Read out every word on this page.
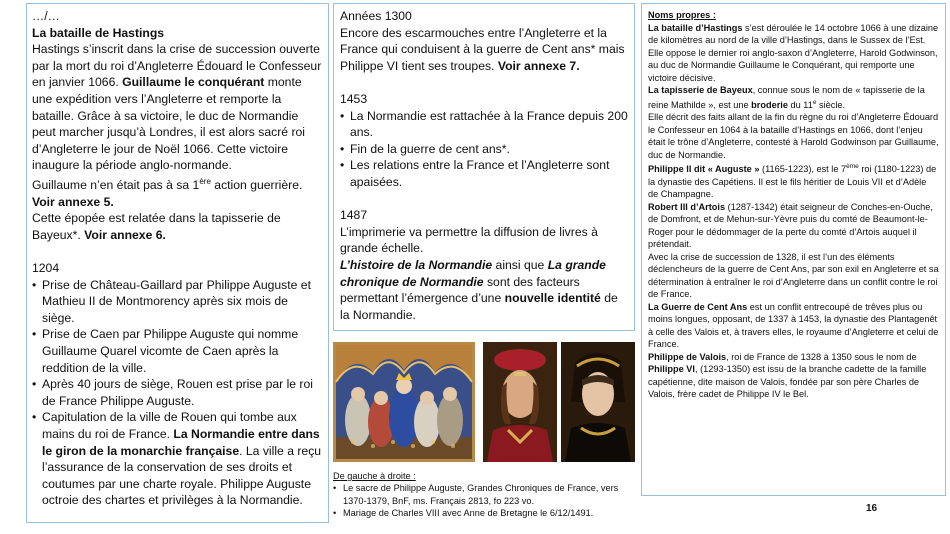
…/…

La bataille de Hastings

Hastings s’inscrit dans la crise de succession ouverte par la mort du roi d’Angleterre Édouard le Confesseur en janvier 1066. Guillaume le conquérant monte une expédition vers l’Angleterre et remporte la bataille. Grâce à sa victoire, le duc de Normandie peut marcher jusqu’à Londres, il est alors sacré roi d’Angleterre le jour de Noël 1066. Cette victoire inaugure la période anglo-normande.

Guillaume n’en était pas à sa 1ère action guerrière. Voir annexe 5.

Cette épopée est relatée dans la tapisserie de Bayeux*. Voir annexe 6.

1204

• Prise de Château-Gaillard par Philippe Auguste et Mathieu II de Montmorency après six mois de siège.

• Prise de Caen par Philippe Auguste qui nomme Guillaume Quarel vicomte de Caen après la reddition de la ville.

• Après 40 jours de siège, Rouen est prise par le roi de France Philippe Auguste.

• Capitulation de la ville de Rouen qui tombe aux mains du roi de France. La Normandie entre dans le giron de la monarchie française. La ville a reçu l’assurance de la conservation de ses droits et coutumes par une charte royale. Philippe Auguste octroie des chartes et privilèges à la Normandie.

Années 1300

Encore des escarmouches entre l’Angleterre et la France qui conduisent à la guerre de Cent ans* mais Philippe VI tient ses troupes. Voir annexe 7.

1453

• La Normandie est rattachée à la France depuis 200 ans.

• Fin de la guerre de cent ans*.

• Les relations entre la France et l’Angleterre sont apaisées.

1487

L’imprimerie va permettre la diffusion de livres à grande échelle.

L’histoire de la Normandie ainsi que La grande chronique de Normandie sont des facteurs permettant l’émergence d’une nouvelle identité de la Normandie.

De gauche à droite :

• Le sacre de Philippe Auguste, Grandes Chroniques de France, vers 1370-1379, BnF, ms. Français 2813, fo 223 vo.

• Mariage de Charles VIII avec Anne de Bretagne le 6/12/1491.

Noms propres :

La bataille d’Hastings s’est déroulée le 14 octobre 1066 à une dizaine de kilomètres au nord de la ville d’Hastings, dans le Sussex de l’Est. Elle oppose le dernier roi anglo-saxon d’Angleterre, Harold Godwinson, au duc de Normandie Guillaume le Conquérant, qui remporte une victoire décisive.

La tapisserie de Bayeux, connue sous le nom de « tapisserie de la reine Mathilde », est une broderie du 11e siècle.

Elle décrit des faits allant de la fin du règne du roi d’Angleterre Édouard le Confesseur en 1064 à la bataille d’Hastings en 1066, dont l’enjeu était le trône d’Angleterre, contesté à Harold Godwinson par Guillaume, duc de Normandie.

Philippe II dit « Auguste » (1165-1223), est le 7ème roi (1180-1223) de la dynastie des Capétiens. Il est le fils héritier de Louis VII et d’Adèle de Champagne.

Robert III d’Artois (1287-1342) était seigneur de Conches-en-Ouche, de Domfront, et de Mehun-sur-Yèvre puis du comté de Beaumont-le-Roger pour le dédommager de la perte du comté d’Artois auquel il prétendait.

Avec la crise de succession de 1328, il est l’un des éléments déclencheurs de la guerre de Cent Ans, par son exil en Angleterre et sa détermination à entraîner le roi d’Angleterre dans un conflit contre le roi de France.

La Guerre de Cent Ans est un conflit entrecoupé de trêves plus ou moins longues, opposant, de 1337 à 1453, la dynastie des Plantagenêt à celle des Valois et, à travers elles, le royaume d’Angleterre et celui de France.

Philippe de Valois, roi de France de 1328 à 1350 sous le nom de Philippe VI, (1293-1350) est issu de la branche cadette de la famille capétienne, dite maison de Valois, fondée par son père Charles de Valois, frère cadet de Philippe IV le Bel.

16
